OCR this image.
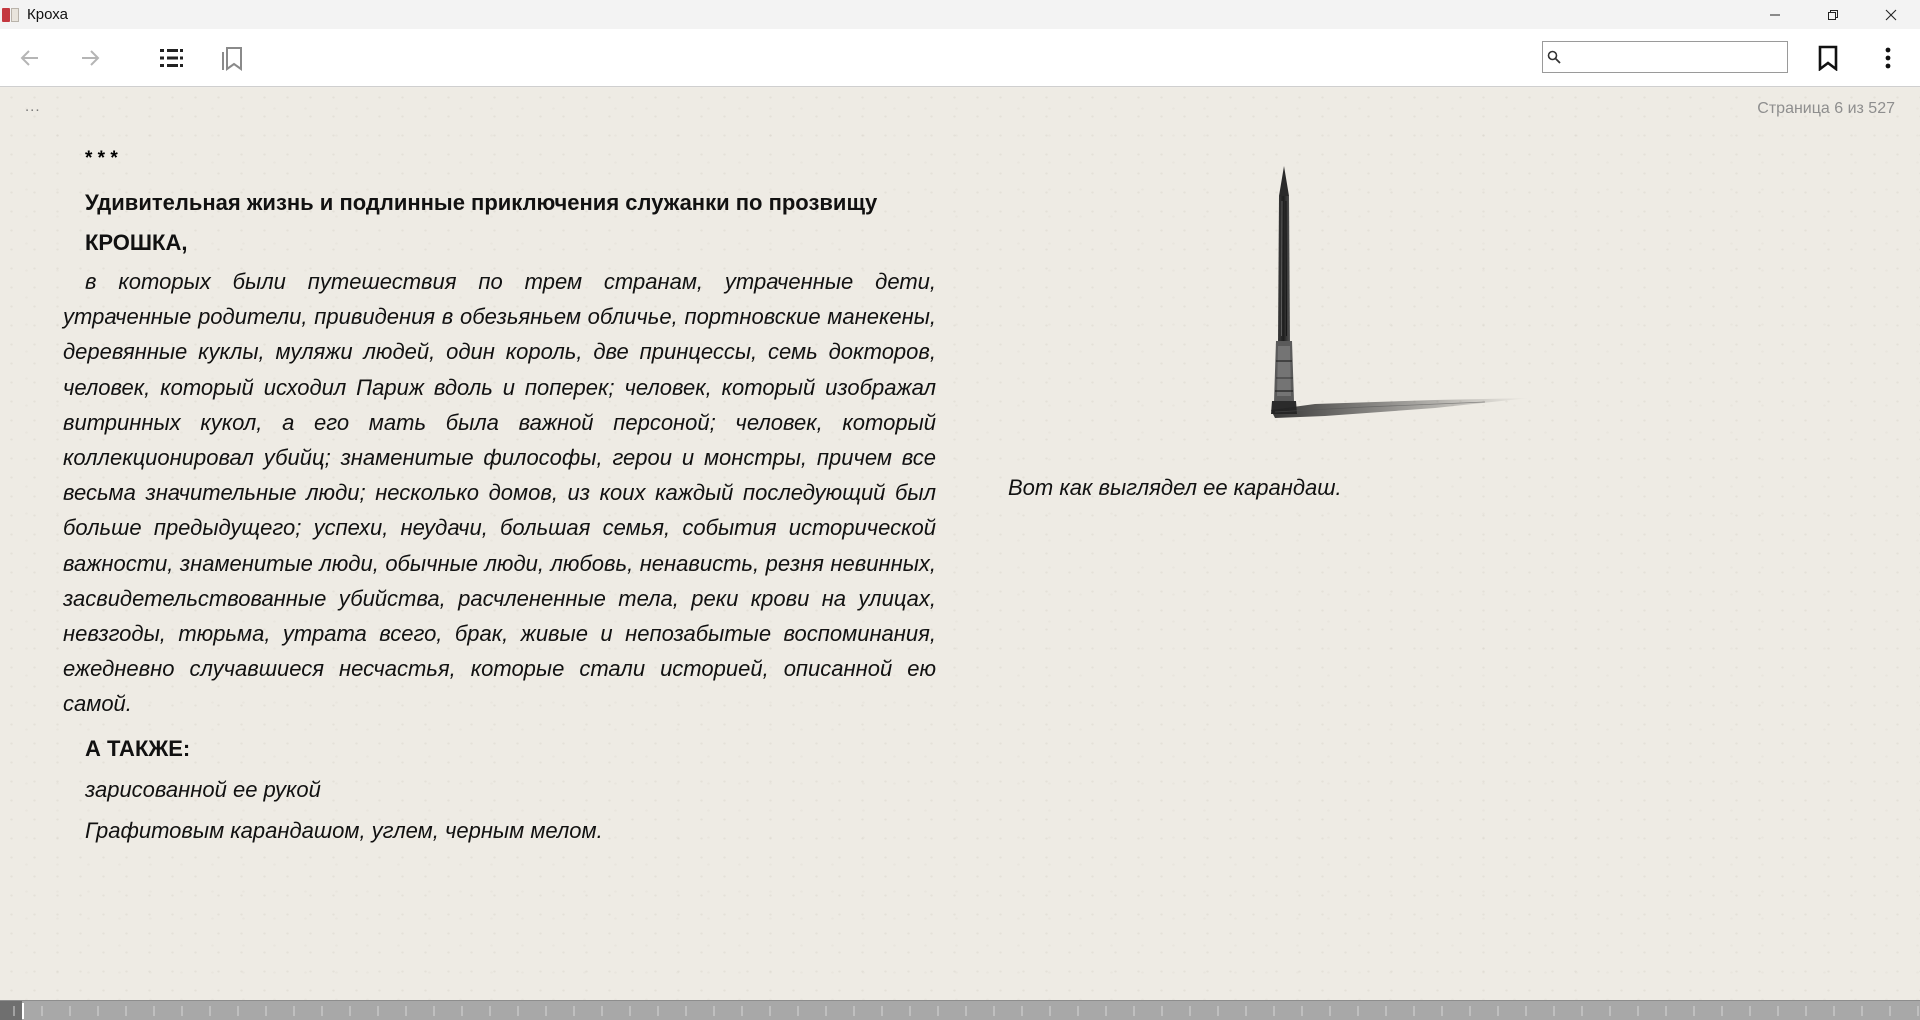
Кроха
...	Страница 6 из 527

* * *

Удивительная жизнь и подлинные приключения служанки по прозвищу

КРОШКА,

в которых были путешествия по трем странам, утраченные дети, утраченные родители, привидения в обезьяньем обличье, портновские манекены, деревянные куклы, муляжи людей, один король, две принцессы, семь докторов, человек, который исходил Париж вдоль и поперек; человек, который изображал витринных кукол, а его мать была важной персоной; человек, который коллекционировал убийц; знаменитые философы, герои и монстры, причем все весьма значительные люди; несколько домов, из коих каждый последующий был больше предыдущего; успехи, неудачи, большая семья, события исторической важности, знаменитые люди, обычные люди, любовь, ненависть, резня невинных, засвидетельствованные убийства, расчлененные тела, реки крови на улицах, невзгоды, тюрьма, утрата всего, брак, живые и непозабытые воспоминания, ежедневно случавшиеся несчастья, которые стали историей, описанной ею самой.

А ТАКЖЕ:

зарисованной ее рукой

Графитовым карандашом, углем, черным мелом.

Вот как выглядел ее карандаш.
